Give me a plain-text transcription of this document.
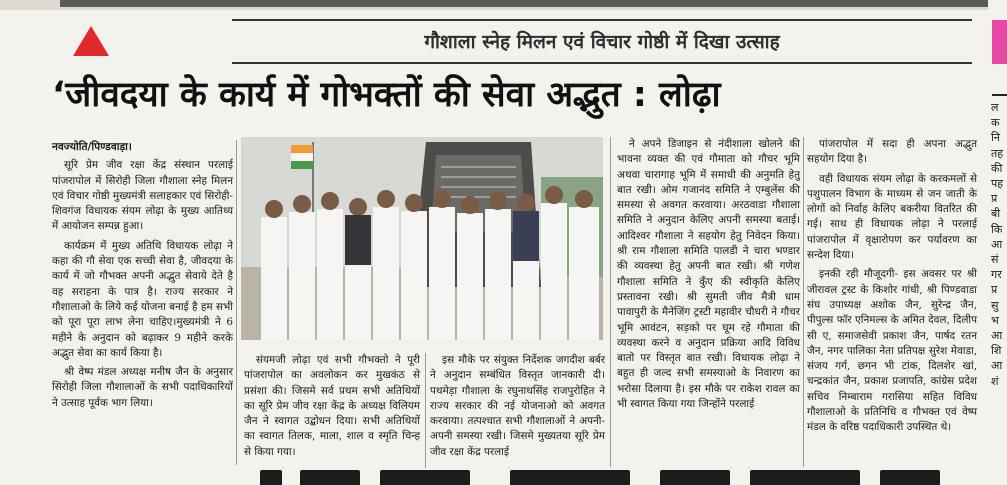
गौशाला स्नेह मिलन एवं विचार गोष्ठी में दिखा उत्साह
‘जीवदया के कार्य में गोभक्तों की सेवा अद्भुत : लोढ़ा

नवज्योति/पिण्डवाड़ा।

सूरि प्रेम जीव रक्षा केंद्र संस्थान परलाई पांजरापोल में सिरोही जिला गौशाला स्नेह मिलन एवं विचार गोष्ठी मुख्यमंत्री सलाहकार एवं सिरोही-शिवगंज विधायक संयम लोढ़ा के मुख्य आतिथ्य में आयोजन सम्पन्न हुआ।

कार्यक्रम में मुख्य अतिथि विधायक लोढ़ा ने कहा की गौ सेवा एक सच्ची सेवा है, जीवदया के कार्य में जो गौभक्त अपनी अद्भुत सेवाये देते है वह सराहना के पात्र है। राज्य सरकार ने गौशालाओ के लिये कई योजना बनाई है हम सभी को पूरा पूरा लाभ लेना चाहिए।मुख्यमंत्री ने 6 महीने के अनुदान को बढ़ाकर 9 महीने करके अद्भुत सेवा का कार्य किया है।

श्री वेष्प मंडल अध्यक्ष मनीष जैन के अनुसार सिरोही जिला गौशालाओं के सभी पदाधिकारियों ने उत्साह पूर्वक भाग लिया।

संयमजी लोढ़ा एवं सभी गौभक्तो ने पूरी पांजरापोल का अवलोकन कर मुखकंठ से प्रसंशा की। जिसमे सर्व प्रथम सभी अतिथियों का सूरि प्रेम जीव रक्षा केंद्र के अध्यक्ष विलियम जैन ने स्वागत उद्बोधन दिया। सभी अतिथियों का स्वागत तिलक, माला, शाल व स्मृति चिन्ह से किया गया।

इस मौके पर संयुक्त निर्देशक जगदीश बर्बर ने अनुदान सम्बंधित विस्तृत जानकारी दी। पथमेड़ा गौशाला के रघुनाथसिंह राजपुरोहित ने राज्य सरकार की नई योजनाओ को अवगत करवाया। तत्पश्चात सभी गौशालाओं ने अपनी-अपनी समस्या रखी। जिसमे मुख्यतया सूरि प्रेम जीव रक्षा केंद्र परलाई

ने अपने डिजाइन से नंदीशाला खोलने की भावना व्यक्त की एवं गौमाता को गौचर भूमि अथवा चारागाह भूमि में समाधी की अनुमति हेतु बात रखी। ओम गजानंद समिति ने एम्बुलेंस की समस्या से अवगत करवाया। अरठवाडा गौशाला समिति ने अनुदान केलिए अपनी समस्या बताई। आदिश्वर गौशाला ने सहयोग हेतु निवेदन किया। श्री राम गौशाला समिति पालडी ने चारा भण्डार की व्यवस्था हेतु अपनी बात रखी। श्री गणेश गौशाला समिति ने कुँए की स्वीकृति केलिए प्रस्तावना रखी। श्री सुमती जीव मैत्री धाम पावापुरी के मैनेजिंग ट्रस्टी महावीर चौधरी ने गौचर भूमि आवंटन, सड़को पर घूम रहे गौमाता की व्यवस्था करने व अनुदान प्रक्रिया आदि विविध बातो पर विस्तृत बात रखी। विधायक लोढ़ा ने बहुत ही जल्द सभी समस्याओ के निवारण का भरोसा दिलाया है। इस मौके पर राकेश रावल का भी स्वागत किया गया जिन्होंने परलाई

पांजरापोल में सदा ही अपना अद्भुत सहयोग दिया है।

वही विधायक संयम लोढ़ा के करकमलों से पशुपालन विभाग के माध्यम से जन जाती के लोगों को निर्वाह केलिए बकरीया वितरित की गई। साथ ही विधायक लोढ़ा ने परलाई पांजरापोल में वृक्षारोपण कर पर्यावरण का सन्देश दिया।

इनकी रही मौजूदगी- इस अवसर पर श्री जीरावल ट्रस्ट के किशोर गांधी, श्री पिण्डवाडा संघ उपाध्यक्ष अशोक जैन, सुरेन्द्र जैन, पीपुल्स फॉर एनिमल्स के अमित देवल, दिलीप सी ए, समाजसेवी प्रकाश जैन, पार्षद रतन जैन, नगर पालिका नेता प्रतिपक्ष सुरेश मेवाडा, संजय गर्ग, छगन भी टांक, दिलशेर खां, चन्द्रकांत जैन, प्रकाश प्रजापति, कांग्रेस प्रदेश सचिव निम्बाराम गरासिया सहित विविध गौशालाओ के प्रतिनिधि व गौभक्त एवं वेष्प मंडल के वरिष्ठ पदाधिकारी उपस्थित थे।

ल
क
नि
तह
की
पह
प्र
बी
कि
आ
सं
गर
प्र
सु
भ
आ
शि
आ
शं
